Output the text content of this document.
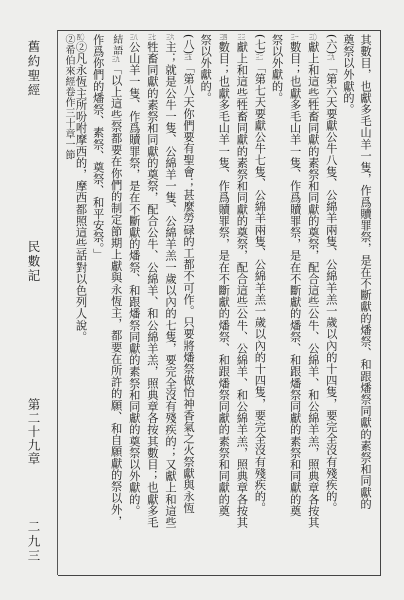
舊約聖經
民數記
第二十九章
二九三
②希伯來經卷作三十章一節	其數目，也獻多毛山羊一隻，作爲贖罪祭，是在不斷獻的燔祭、和跟燔祭同獻的素祭和同獻的
奠祭以外獻的。
(六)二九「第六天要獻公牛八隻、公綿羊兩隻、公綿羊羔一歲以內的十四隻，要完全沒有殘疾的。
三〇獻上和這些牲畜同獻的素祭和同獻的奠祭，配合這些公牛、公綿羊、和公綿羊羔，照典章各按其
三一數目；也獻多毛山羊一隻、作爲贖罪祭，是在不斷獻的燔祭、和跟燔祭同獻的素祭和同獻的奠
祭以外獻的。
(七)三二「第七天要獻公牛七隻、公綿羊兩隻、公綿羊羔一歲以內的十四隻，要完全沒有殘疾的。
三三獻上和這些牲畜同獻的素祭和同獻的奠祭，配合這些公牛、公綿羊、和公綿羊羔，照典章各按其
三四數目；也獻多毛山羊一隻、作爲贖罪祭，是在不斷獻的燔祭、和跟燔祭同獻的素祭和同獻的奠
祭以外獻的。
(八)三五「第八天你們要有聖會；甚麼勞碌的工都不可作。只要將燔祭做怡神香氣之火祭獻與永恆
三六主；就是公牛一隻、公綿羊一隻、公綿羊羔一歲以內的七隻，要完全沒有殘疾的；又獻上和這些
三七牲畜同獻的素祭和同獻的奠祭，配合公牛、公綿羊、和公綿羊羔，照典章各按其數目；也獻多毛
三八公山羊一隻、作爲贖罪祭，是在不斷獻的燔祭、和跟燔祭同獻的素祭和同獻的奠祭以外獻的。
結語三九「以上這些祭都要在你們的制定節期上獻與永恆主，都要在所許的願、和自願獻的祭以外，
作爲你們的燔祭、素祭、奠祭、和平安祭。」
四〇②凡永恆主所吩咐摩西的，摩西都照這些話對以色列人說。
